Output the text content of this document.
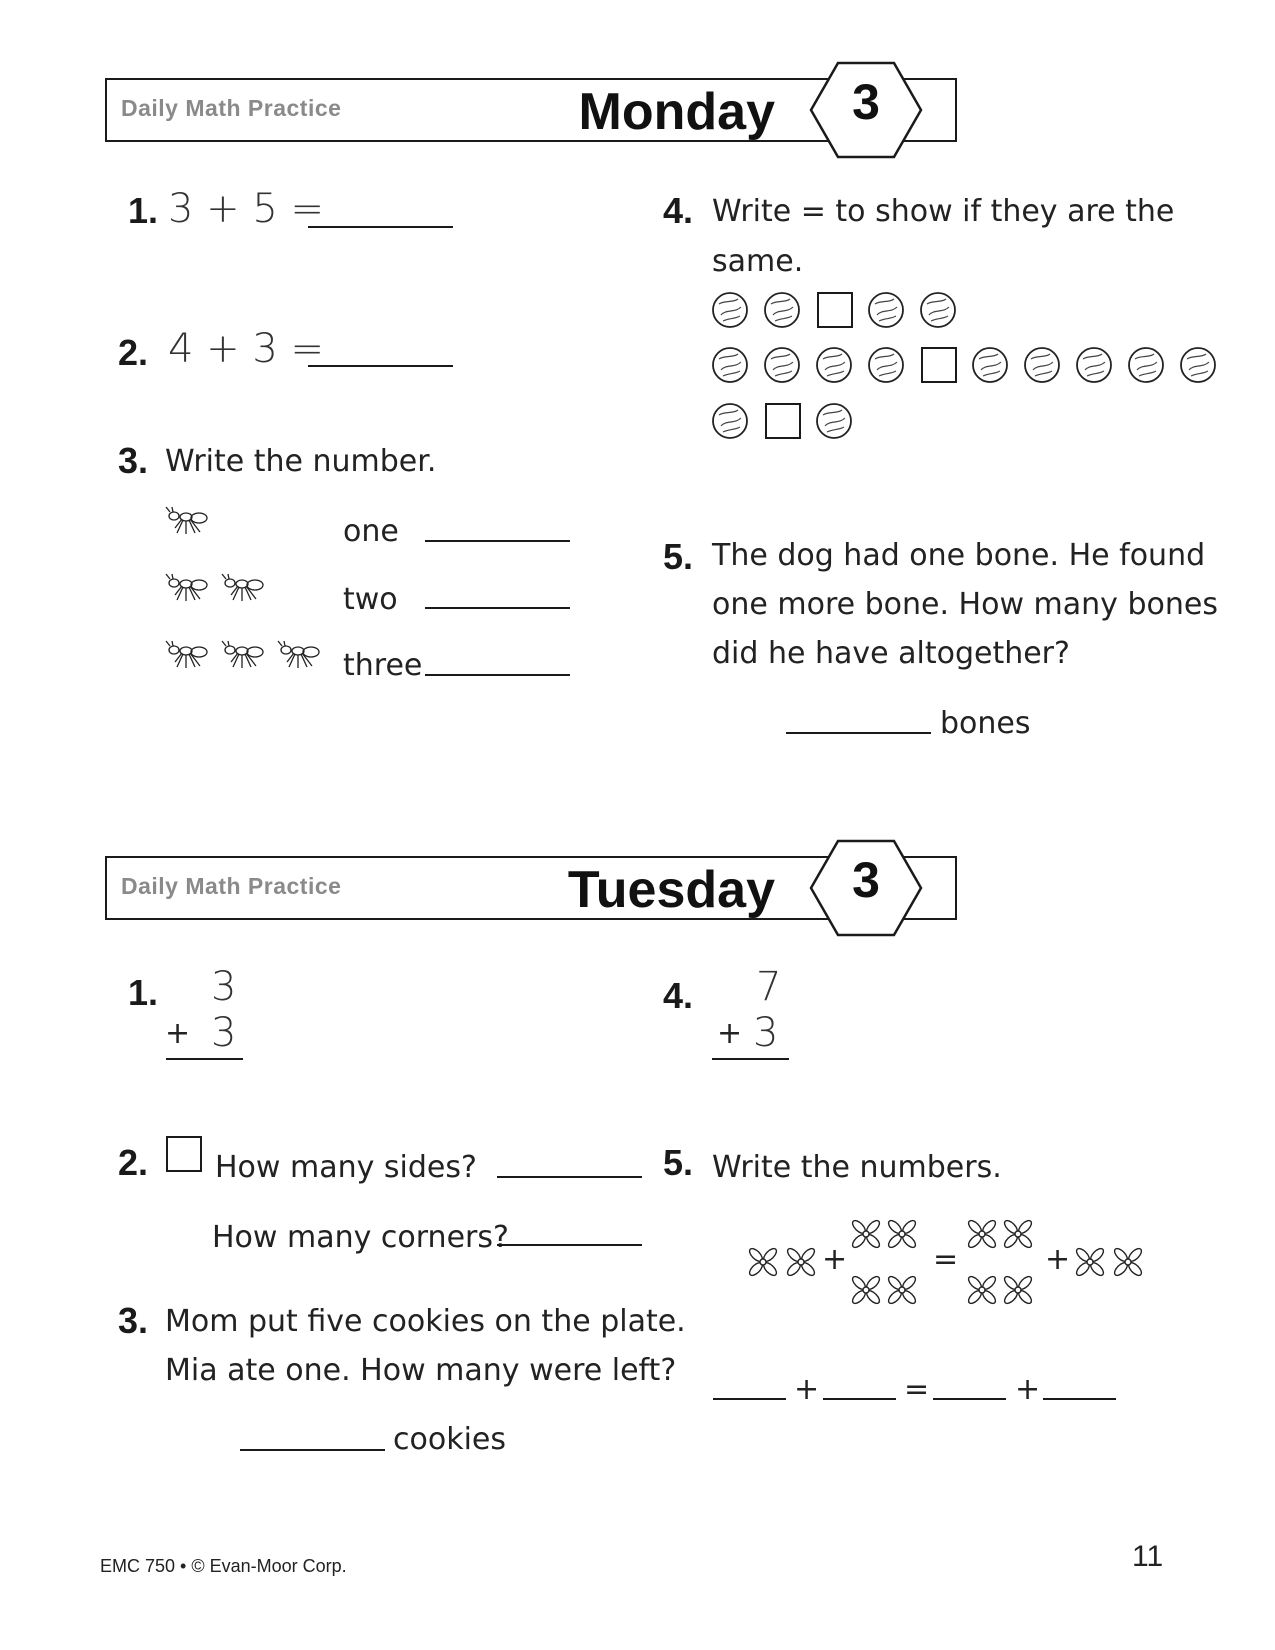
Daily Math Practice	Monday	3
1. 3 + 5 =
2. 4 + 3 =
3. Write the number.
one
two
three
4. Write = to show if they are the
same.
5. The dog had one bone. He found
one more bone. How many bones
did he have altogether?
bones
Daily Math Practice	Tuesday	3
1. 3
+ 3
2. How many sides?
How many corners?
3. Mom put five cookies on the plate.
Mia ate one. How many were left?
cookies
4. 7
+ 3
5. Write the numbers.
+	=	+
+	=	+
EMC 750 • © Evan-Moor Corp.	11
